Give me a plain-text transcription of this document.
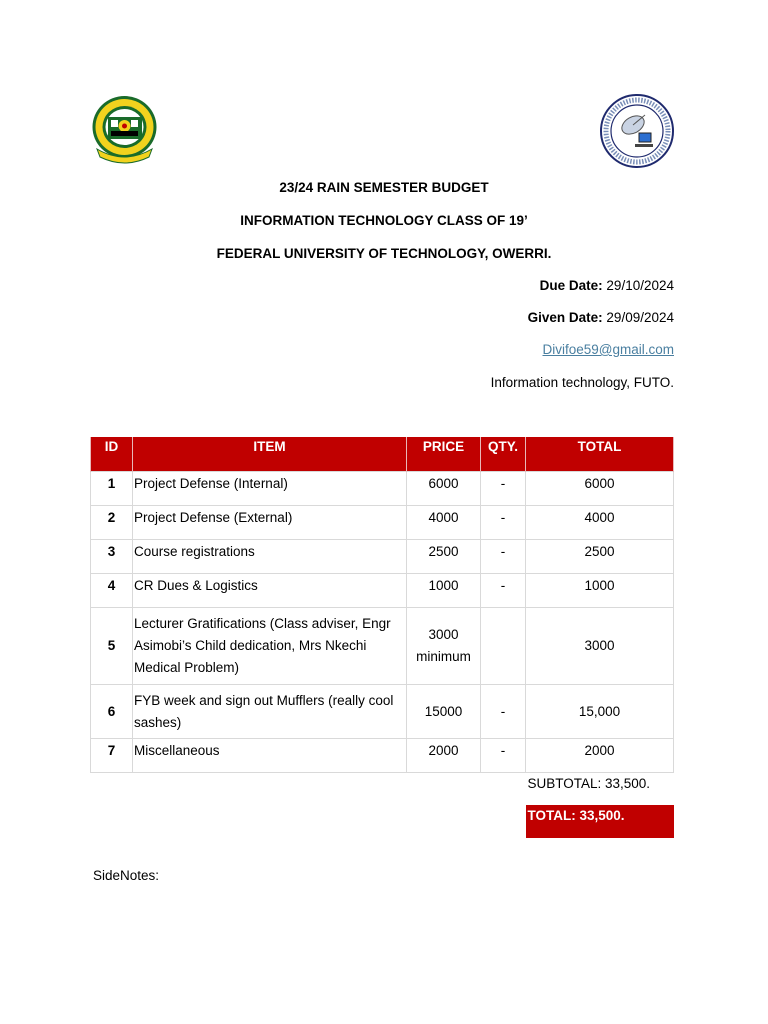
23/24 RAIN SEMESTER BUDGET
INFORMATION TECHNOLOGY CLASS OF 19’
FEDERAL UNIVERSITY OF TECHNOLOGY, OWERRI.
Due Date: 29/10/2024
Given Date: 29/09/2024
Divifoe59@gmail.com
Information technology, FUTO.
ID	ITEM	PRICE	QTY.	TOTAL
1	Project Defense (Internal)	6000	-	6000
2	Project Defense (External)	4000	-	4000
3	Course registrations	2500	-	2500
4	CR Dues & Logistics	1000	-	1000
5	Lecturer Gratifications (Class adviser, Engr Asimobi’s Child dedication, Mrs Nkechi Medical Problem)	3000 minimum		3000
6	FYB week and sign out Mufflers (really cool sashes)	15000	-	15,000
7	Miscellaneous	2000	-	2000
				SUBTOTAL: 33,500.
				TOTAL: 33,500.
SideNotes:
